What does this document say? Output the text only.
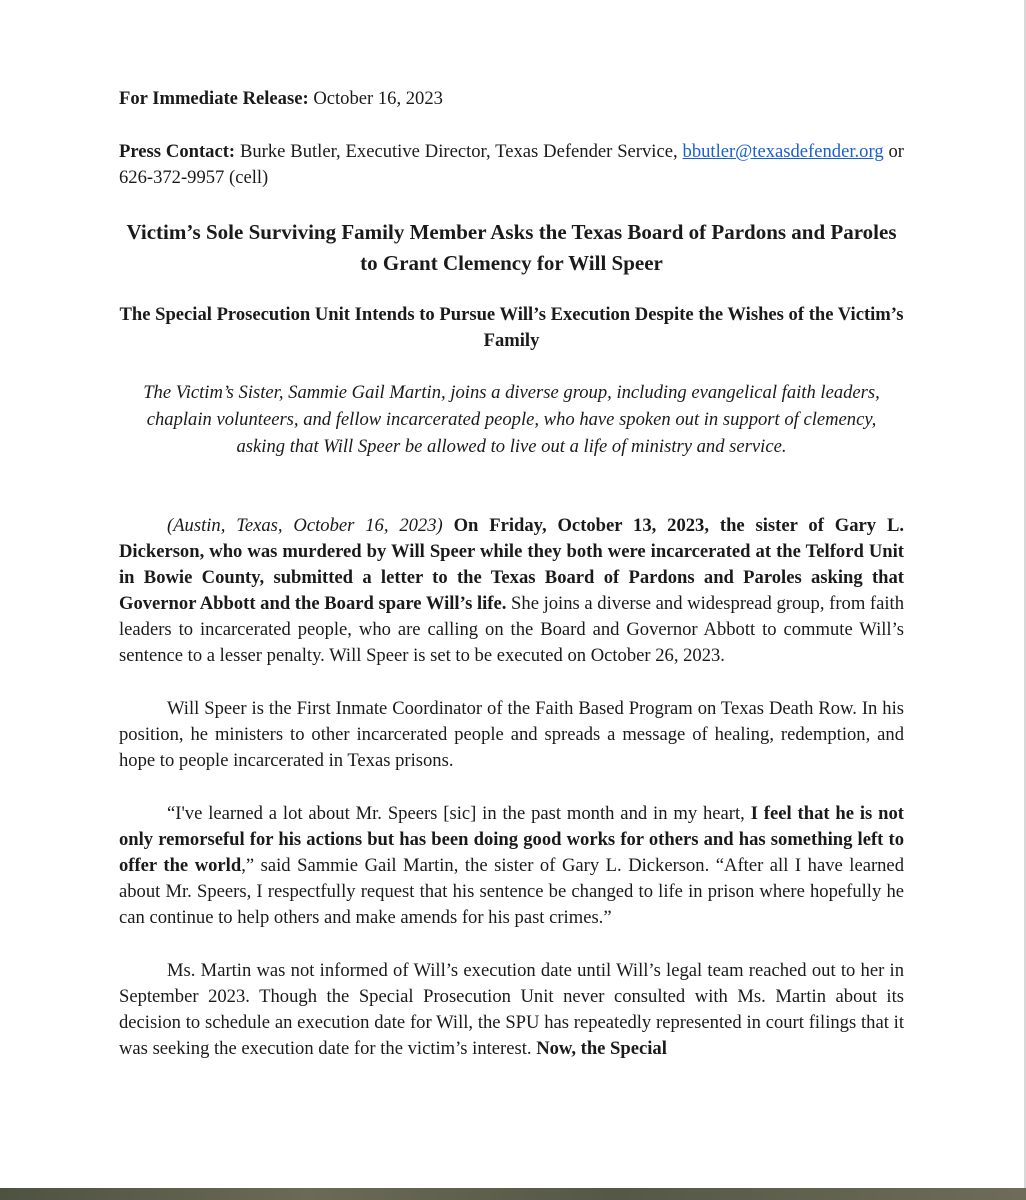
For Immediate Release: October 16, 2023

Press Contact: Burke Butler, Executive Director, Texas Defender Service, bbutler@texasdefender.org or 626-372-9957 (cell)

Victim’s Sole Surviving Family Member Asks the Texas Board of Pardons and Paroles to Grant Clemency for Will Speer

The Special Prosecution Unit Intends to Pursue Will’s Execution Despite the Wishes of the Victim’s Family

The Victim’s Sister, Sammie Gail Martin, joins a diverse group, including evangelical faith leaders, chaplain volunteers, and fellow incarcerated people, who have spoken out in support of clemency, asking that Will Speer be allowed to live out a life of ministry and service.

(Austin, Texas, October 16, 2023) On Friday, October 13, 2023, the sister of Gary L. Dickerson, who was murdered by Will Speer while they both were incarcerated at the Telford Unit in Bowie County, submitted a letter to the Texas Board of Pardons and Paroles asking that Governor Abbott and the Board spare Will’s life. She joins a diverse and widespread group, from faith leaders to incarcerated people, who are calling on the Board and Governor Abbott to commute Will’s sentence to a lesser penalty. Will Speer is set to be executed on October 26, 2023.

Will Speer is the First Inmate Coordinator of the Faith Based Program on Texas Death Row. In his position, he ministers to other incarcerated people and spreads a message of healing, redemption, and hope to people incarcerated in Texas prisons.

“I've learned a lot about Mr. Speers [sic] in the past month and in my heart, I feel that he is not only remorseful for his actions but has been doing good works for others and has something left to offer the world,” said Sammie Gail Martin, the sister of Gary L. Dickerson. “After all I have learned about Mr. Speers, I respectfully request that his sentence be changed to life in prison where hopefully he can continue to help others and make amends for his past crimes.”

Ms. Martin was not informed of Will’s execution date until Will’s legal team reached out to her in September 2023. Though the Special Prosecution Unit never consulted with Ms. Martin about its decision to schedule an execution date for Will, the SPU has repeatedly represented in court filings that it was seeking the execution date for the victim’s interest. Now, the Special
